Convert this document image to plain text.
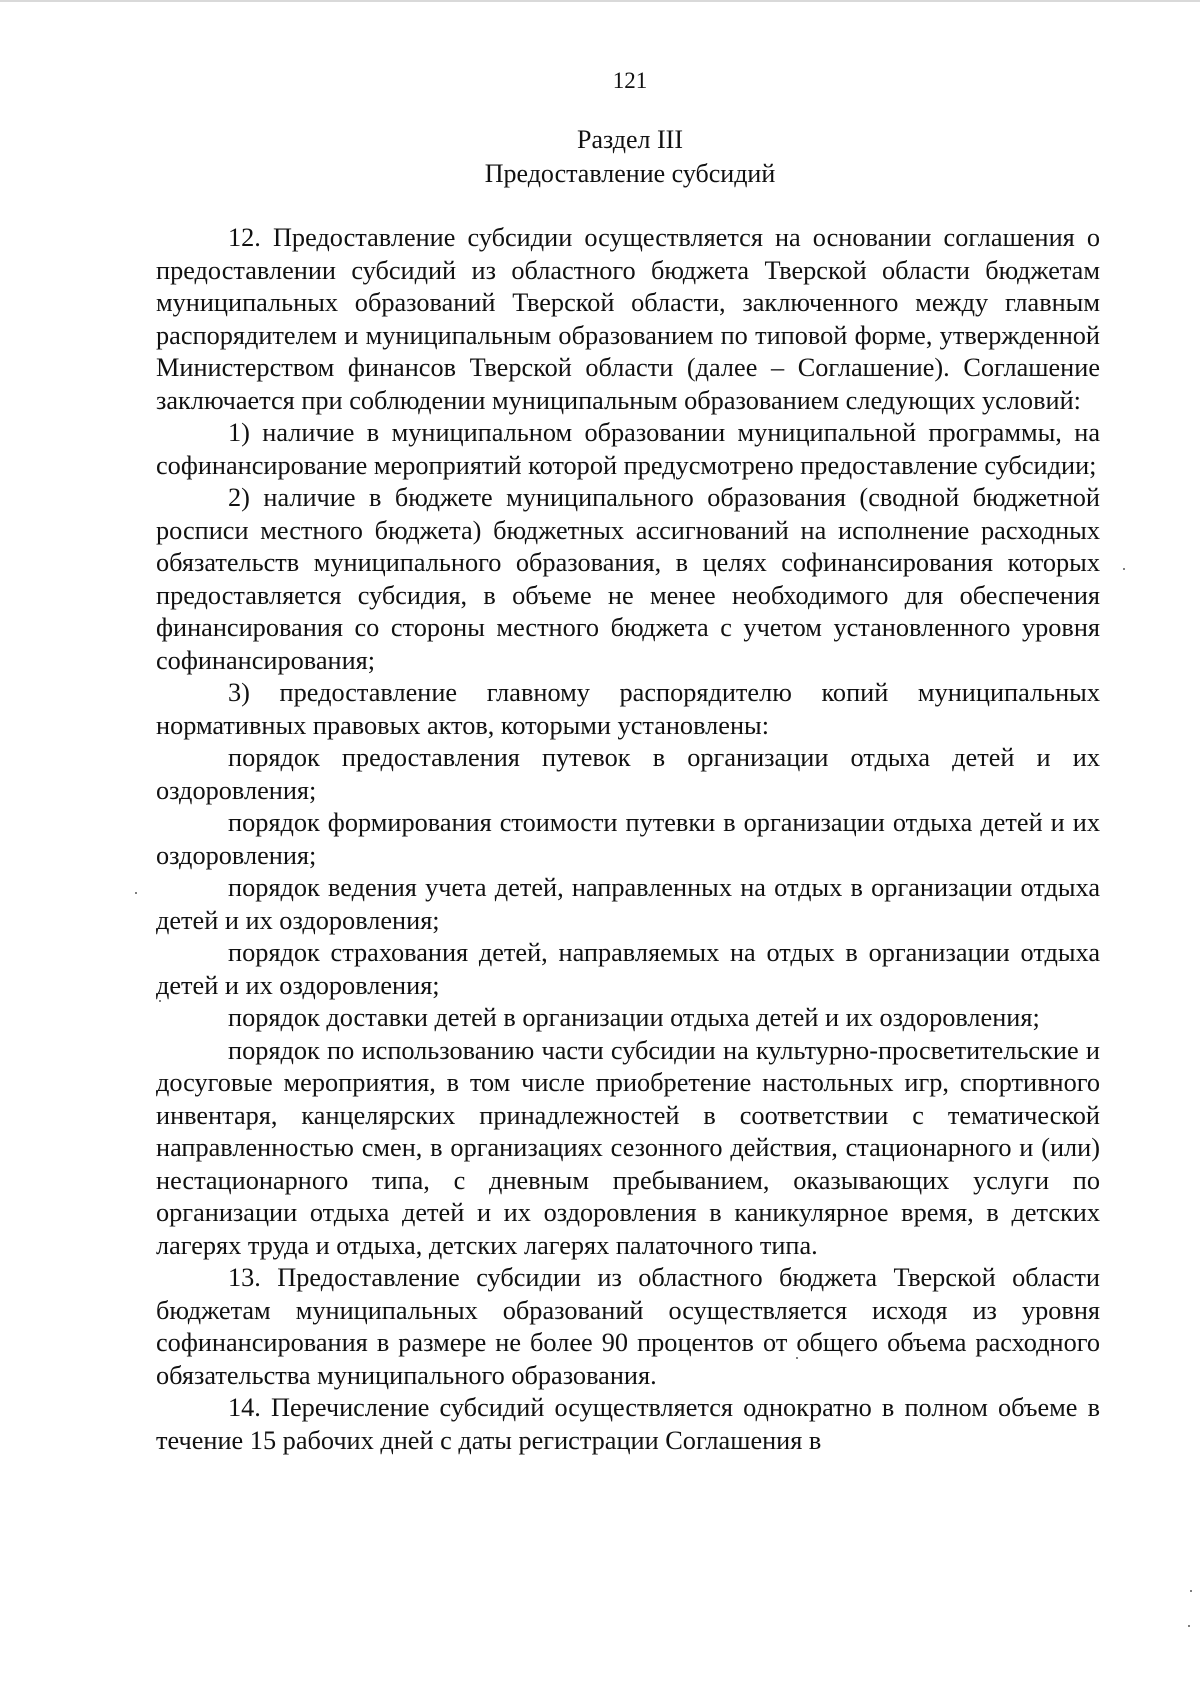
121
Раздел III
Предоставление субсидий

12. Предоставление субсидии осуществляется на основании соглашения о предоставлении субсидий из областного бюджета Тверской области бюджетам муниципальных образований Тверской области, заключенного между главным распорядителем и муниципальным образованием по типовой форме, утвержденной Министерством финансов Тверской области (далее – Соглашение). Соглашение заключается при соблюдении муниципальным образованием следующих условий:

1) наличие в муниципальном образовании муниципальной программы, на софинансирование мероприятий которой предусмотрено предоставление субсидии;

2) наличие в бюджете муниципального образования (сводной бюджетной росписи местного бюджета) бюджетных ассигнований на исполнение расходных обязательств муниципального образования, в целях софинансирования которых предоставляется субсидия, в объеме не менее необходимого для обеспечения финансирования со стороны местного бюджета с учетом установленного уровня софинансирования;

3) предоставление главному распорядителю копий муниципальных нормативных правовых актов, которыми установлены:

порядок предоставления путевок в организации отдыха детей и их оздоровления;

порядок формирования стоимости путевки в организации отдыха детей и их оздоровления;

порядок ведения учета детей, направленных на отдых в организации отдыха детей и их оздоровления;

порядок страхования детей, направляемых на отдых в организации отдыха детей и их оздоровления;

порядок доставки детей в организации отдыха детей и их оздоровления;

порядок по использованию части субсидии на культурно-просветительские и досуговые мероприятия, в том числе приобретение настольных игр, спортивного инвентаря, канцелярских принадлежностей в соответствии с тематической направленностью смен, в организациях сезонного действия, стационарного и (или) нестационарного типа, с дневным пребыванием, оказывающих услуги по организации отдыха детей и их оздоровления в каникулярное время, в детских лагерях труда и отдыха, детских лагерях палаточного типа.

13. Предоставление субсидии из областного бюджета Тверской области бюджетам муниципальных образований осуществляется исходя из уровня софинансирования в размере не более 90 процентов от общего объема расходного обязательства муниципального образования.

14. Перечисление субсидий осуществляется однократно в полном объеме в течение 15 рабочих дней с даты регистрации Соглашения в
